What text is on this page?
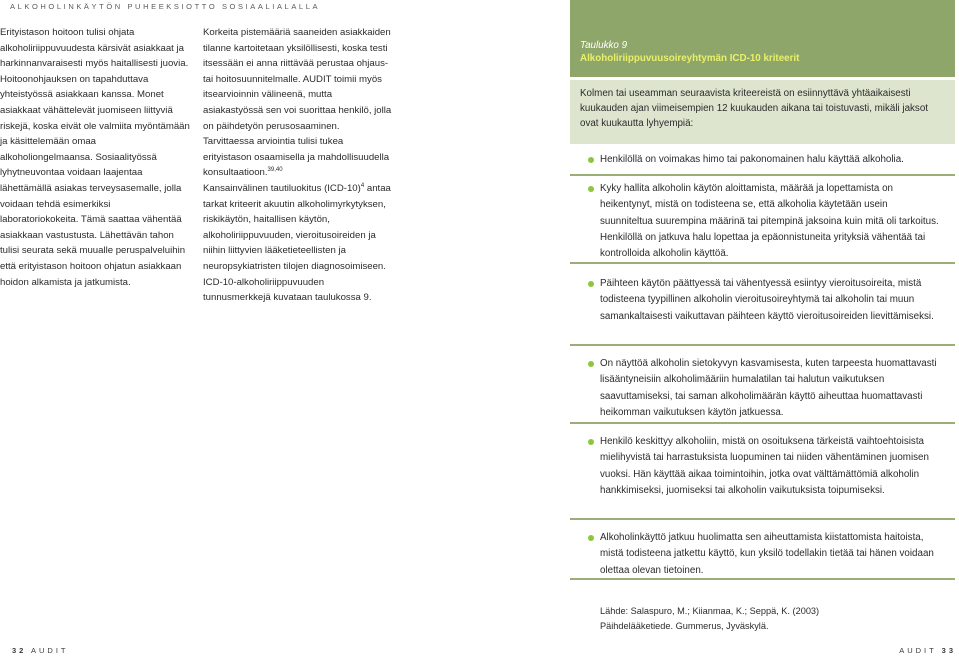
ALKOHOLINKÄYTÖN PUHEEKSIOTTO SOSIAALIALALLA

Erityistason hoitoon tulisi ohjata alkoholiriippuvuudesta kärsivät asiakkaat ja harkinnanvaraisesti myös haitallisesti juovia. Hoitoonohjauksen on tapahduttava yhteistyössä asiakkaan kanssa. Monet asiakkaat vähättelevät juomiseen liittyviä riskejä, koska eivät ole valmiita myöntämään ja käsittelemään omaa alkoholiongelmaansa. Sosiaalityössä lyhytneuvontaa voidaan laajentaa lähettämällä asiakas terveysasemalle, jolla voidaan tehdä esimerkiksi laboratoriokokeita. Tämä saattaa vähentää asiakkaan vastustusta. Lähettävän tahon tulisi seurata sekä muualle peruspalveluihin että erityistason hoitoon ohjatun asiakkaan hoidon alkamista ja jatkumista.

Korkeita pistemääriä saaneiden asiakkaiden tilanne kartoitetaan yksilöllisesti, koska testi itsessään ei anna riittävää perustaa ohjaus- tai hoitosuunnitelmalle. AUDIT toimii myös itsearvioinnin välineenä, mutta asiakastyössä sen voi suorittaa henkilö, jolla on päihdetyön perusosaaminen. Tarvittaessa arviointia tulisi tukea erityistason osaamisella ja mahdollisuudella konsultaatioon.$^{39,40}$

Kansainvälinen tautiluokitus $(ICD-10)^4$ antaa tarkat kriteerit akuutin alkoholimyrkytyksen, riskikäytön, haitallisen käytön, alkoholiriippuvuuden, vieroitusoireiden ja niihin liittyvien lääketieteellisten ja neuropsykiatristen tilojen diagnosoimiseen. ICD-10-alkoholiriippuvuuden tunnusmerkkejä kuvataan taulukossa 9.

Taulukko 9
Alkoholiriippuvuusoireyhtymän ICD-10 kriteerit
Kolmen tai useamman seuraavista kriteereistä on esiinnyttävä yhtäaikaisesti kuukauden ajan viimeisempien 12 kuukauden aikana tai toistuvasti, mikäli jaksot ovat kuukautta lyhyempiä:
Henkilöllä on voimakas himo tai pakonomainen halu käyttää alkoholia.
Kyky hallita alkoholin käytön aloittamista, määrää ja lopettamista on heikentynyt, mistä on todisteena se, että alkoholia käytetään usein suunniteltua suurempina määrinä tai pitempinä jaksoina kuin mitä oli tarkoitus. Henkilöllä on jatkuva halu lopettaa ja epäonnistuneita yrityksiä vähentää tai kontrolloida alkoholin käyttöä.
Päihteen käytön päättyessä tai vähentyessä esiintyy vieroitusoireita, mistä todisteena tyypillinen alkoholin vieroitusoireyhtymä tai alkoholin tai muun samankaltaisesti vaikuttavan päihteen käyttö vieroitusoireiden lievittämiseksi.
On näyttöä alkoholin sietokyvyn kasvamisesta, kuten tarpeesta huomattavasti lisääntyneisiin alkoholimääriin humalatilan tai halutun vaikutuksen saavuttamiseksi, tai saman alkoholimäärän käyttö aiheuttaa huomattavasti heikomman vaikutuksen käytön jatkuessa.
Henkilö keskittyy alkoholiin, mistä on osoituksena tärkeistä vaihtoehtoisista mielihyvistä tai harrastuksista luopuminen tai niiden vähentäminen juomisen vuoksi. Hän käyttää aikaa toimintoihin, jotka ovat välttämättömiä alkoholin hankkimiseksi, juomiseksi tai alkoholin vaikutuksista toipumiseksi.
Alkoholinkäyttö jatkuu huolimatta sen aiheuttamista kiistattomista haitoista, mistä todisteena jatkettu käyttö, kun yksilö todellakin tietää tai hänen voidaan olettaa olevan tietoinen.
Lähde: Salaspuro, M.; Kiianmaa, K.; Seppä, K. (2003)
Päihdelääketiede. Gummerus, Jyväskylä.
32 AUDIT	AUDIT 33
